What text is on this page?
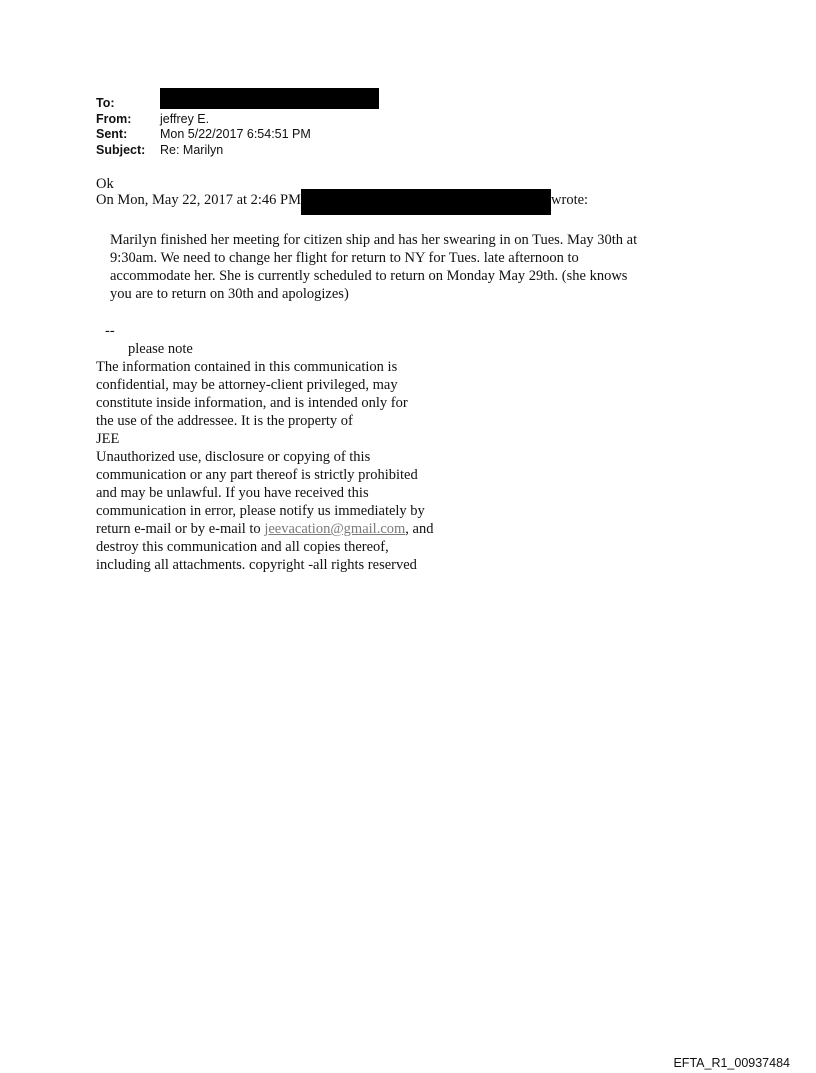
To:
From:	jeffrey E.
Sent:	Mon 5/22/2017 6:54:51 PM
Subject:	Re: Marilyn
Ok
On Mon, May 22, 2017 at 2:46 PM	wrote:

Marilyn finished her meeting for citizen ship and has her swearing in on Tues. May 30th at

9:30am. We need to change her flight for return to NY for Tues. late afternoon to

accommodate her. She is currently scheduled to return on Monday May 29th. (she knows

you are to return on 30th and apologizes)

--
please note

The information contained in this communication is

confidential, may be attorney-client privileged, may

constitute inside information, and is intended only for

the use of the addressee. It is the property of

JEE

Unauthorized use, disclosure or copying of this

communication or any part thereof is strictly prohibited

and may be unlawful. If you have received this

communication in error, please notify us immediately by

return e-mail or by e-mail to jeevacation@gmail.com, and

destroy this communication and all copies thereof,

including all attachments. copyright -all rights reserved

EFTA_R1_00937484
